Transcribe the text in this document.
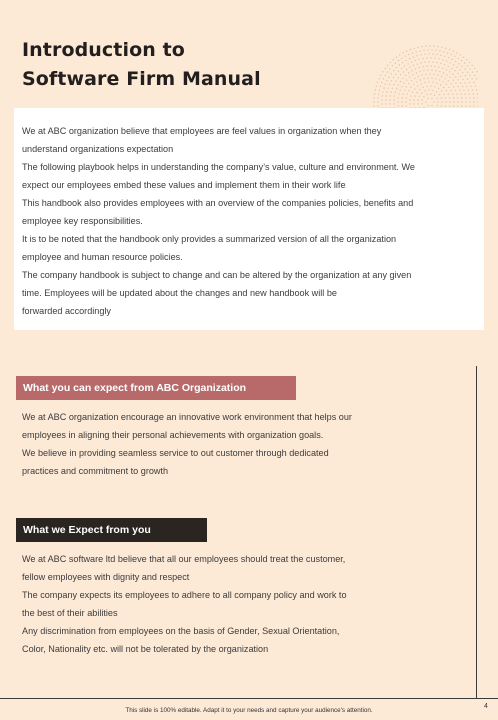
Introduction to
Software Firm Manual

We at ABC organization believe that employees are feel values in organization when they

understand organizations expectation

The following playbook helps in understanding the company’s value, culture and environment. We

expect our employees embed these values and implement them in their work life

This handbook also provides employees with an overview of the companies policies, benefits and

employee key responsibilities.

It is to be noted that the handbook only provides a summarized version of all the organization

employee and human resource policies.

The company handbook is subject to change and can be altered by the organization at any given

time. Employees will be updated about the changes and new handbook will be

forwarded accordingly

What you can expect from ABC Organization

We at ABC organization encourage an innovative work environment that helps our

employees in aligning their personal achievements with organization goals.

We believe in providing seamless service to out customer through dedicated

practices and commitment to growth

What we Expect from you

We at ABC software ltd believe that all our employees should treat the customer,

fellow employees with dignity and respect

The company expects its employees to adhere to all company policy and work to

the best of their abilities

Any discrimination from employees on the basis of Gender, Sexual Orientation,

Color, Nationality etc. will not be tolerated by the organization

This slide is 100% editable. Adapt it to your needs and capture your audience's attention.
4
